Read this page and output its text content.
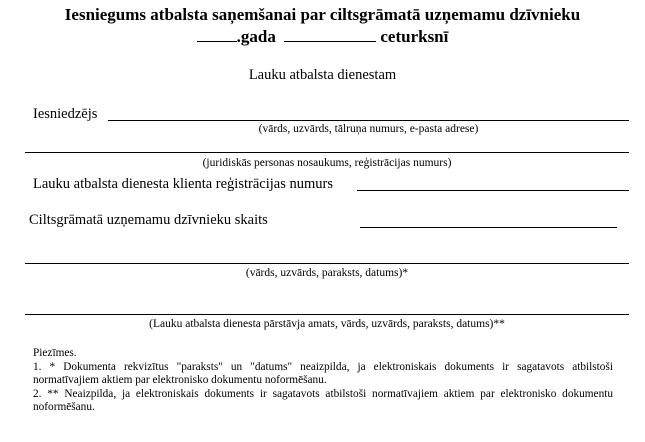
Iesniegums atbalsta saņemšanai par ciltsgrāmatā uzņemamu dzīvnieku
.gada	ceturksnī
Lauku atbalsta dienestam
Iesniedzējs
(vārds, uzvārds, tālruņa numurs, e-pasta adrese)
(juridiskās personas nosaukums, reģistrācijas numurs)
Lauku atbalsta dienesta klienta reģistrācijas numurs
Ciltsgrāmatā uzņemamu dzīvnieku skaits
(vārds, uzvārds, paraksts, datums)*
(Lauku atbalsta dienesta pārstāvja amats, vārds, uzvārds, paraksts, datums)**

Piezīmes.

1. * Dokumenta rekvizītus "paraksts" un "datums" neaizpilda, ja elektroniskais dokuments ir sagatavots atbilstoši normatīvajiem aktiem par elektronisko dokumentu noformēšanu.

2. ** Neaizpilda, ja elektroniskais dokuments ir sagatavots atbilstoši normatīvajiem aktiem par elektronisko dokumentu noformēšanu.
